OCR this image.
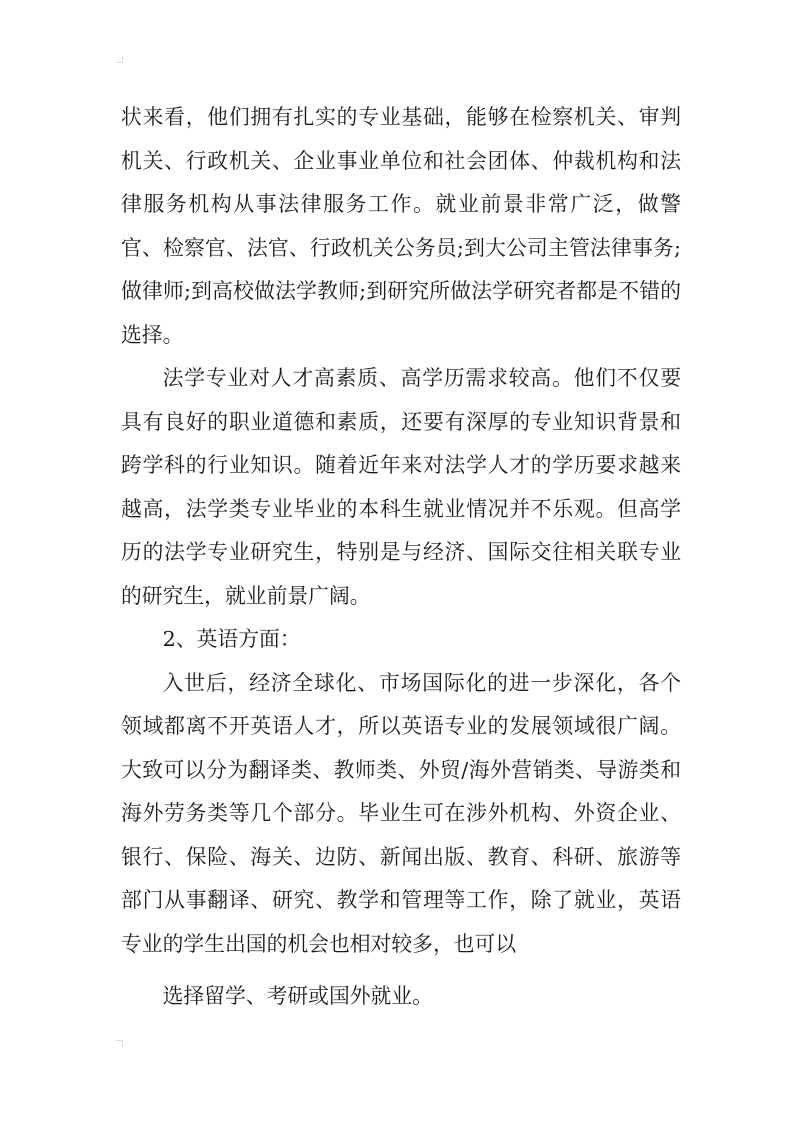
状来看，他们拥有扎实的专业基础，能够在检察机关、审判机关、行政机关、企业事业单位和社会团体、仲裁机构和法律服务机构从事法律服务工作。就业前景非常广泛，做警官、检察官、法官、行政机关公务员;到大公司主管法律事务;做律师;到高校做法学教师;到研究所做法学研究者都是不错的选择。

法学专业对人才高素质、高学历需求较高。他们不仅要具有良好的职业道德和素质，还要有深厚的专业知识背景和跨学科的行业知识。随着近年来对法学人才的学历要求越来越高，法学类专业毕业的本科生就业情况并不乐观。但高学历的法学专业研究生，特别是与经济、国际交往相关联专业的研究生，就业前景广阔。

2、英语方面：

入世后，经济全球化、市场国际化的进一步深化，各个领域都离不开英语人才，所以英语专业的发展领域很广阔。大致可以分为翻译类、教师类、外贸/海外营销类、导游类和海外劳务类等几个部分。毕业生可在涉外机构、外资企业、银行、保险、海关、边防、新闻出版、教育、科研、旅游等部门从事翻译、研究、教学和管理等工作，除了就业，英语专业的学生出国的机会也相对较多，也可以

选择留学、考研或国外就业。
